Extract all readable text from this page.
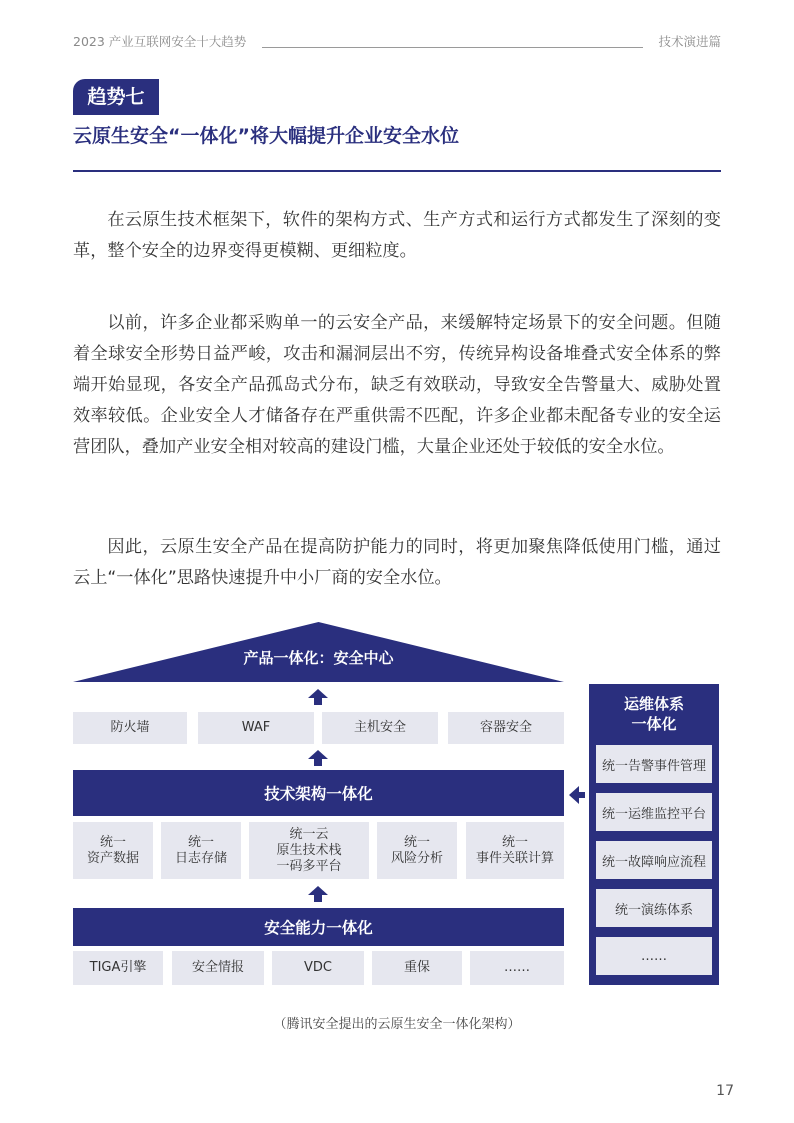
2023 产业互联网安全十大趋势	技术演进篇
趋势七
云原生安全“一体化”将大幅提升企业安全水位

在云原生技术框架下，软件的架构方式、生产方式和运行方式都发生了深刻的变革，整个安全的边界变得更模糊、更细粒度。

以前，许多企业都采购单一的云安全产品，来缓解特定场景下的安全问题。但随着全球安全形势日益严峻，攻击和漏洞层出不穷，传统异构设备堆叠式安全体系的弊端开始显现，各安全产品孤岛式分布，缺乏有效联动，导致安全告警量大、威胁处置效率较低。企业安全人才储备存在严重供需不匹配，许多企业都未配备专业的安全运营团队，叠加产业安全相对较高的建设门槛，大量企业还处于较低的安全水位。

因此，云原生安全产品在提高防护能力的同时，将更加聚焦降低使用门槛，通过云上“一体化”思路快速提升中小厂商的安全水位。

产品一体化：安全中心
防火墙	WAF	主机安全	容器安全
技术架构一体化
统一
资产数据
统一
日志存储
统一云
原生技术栈
一码多平台
统一
风险分析
统一
事件关联计算
安全能力一体化
TIGA引擎	安全情报	VDC	重保	……
运维体系
一体化
统一告警事件管理
统一运维监控平台
统一故障响应流程
统一演练体系
……
（腾讯安全提出的云原生安全一体化架构）
17
